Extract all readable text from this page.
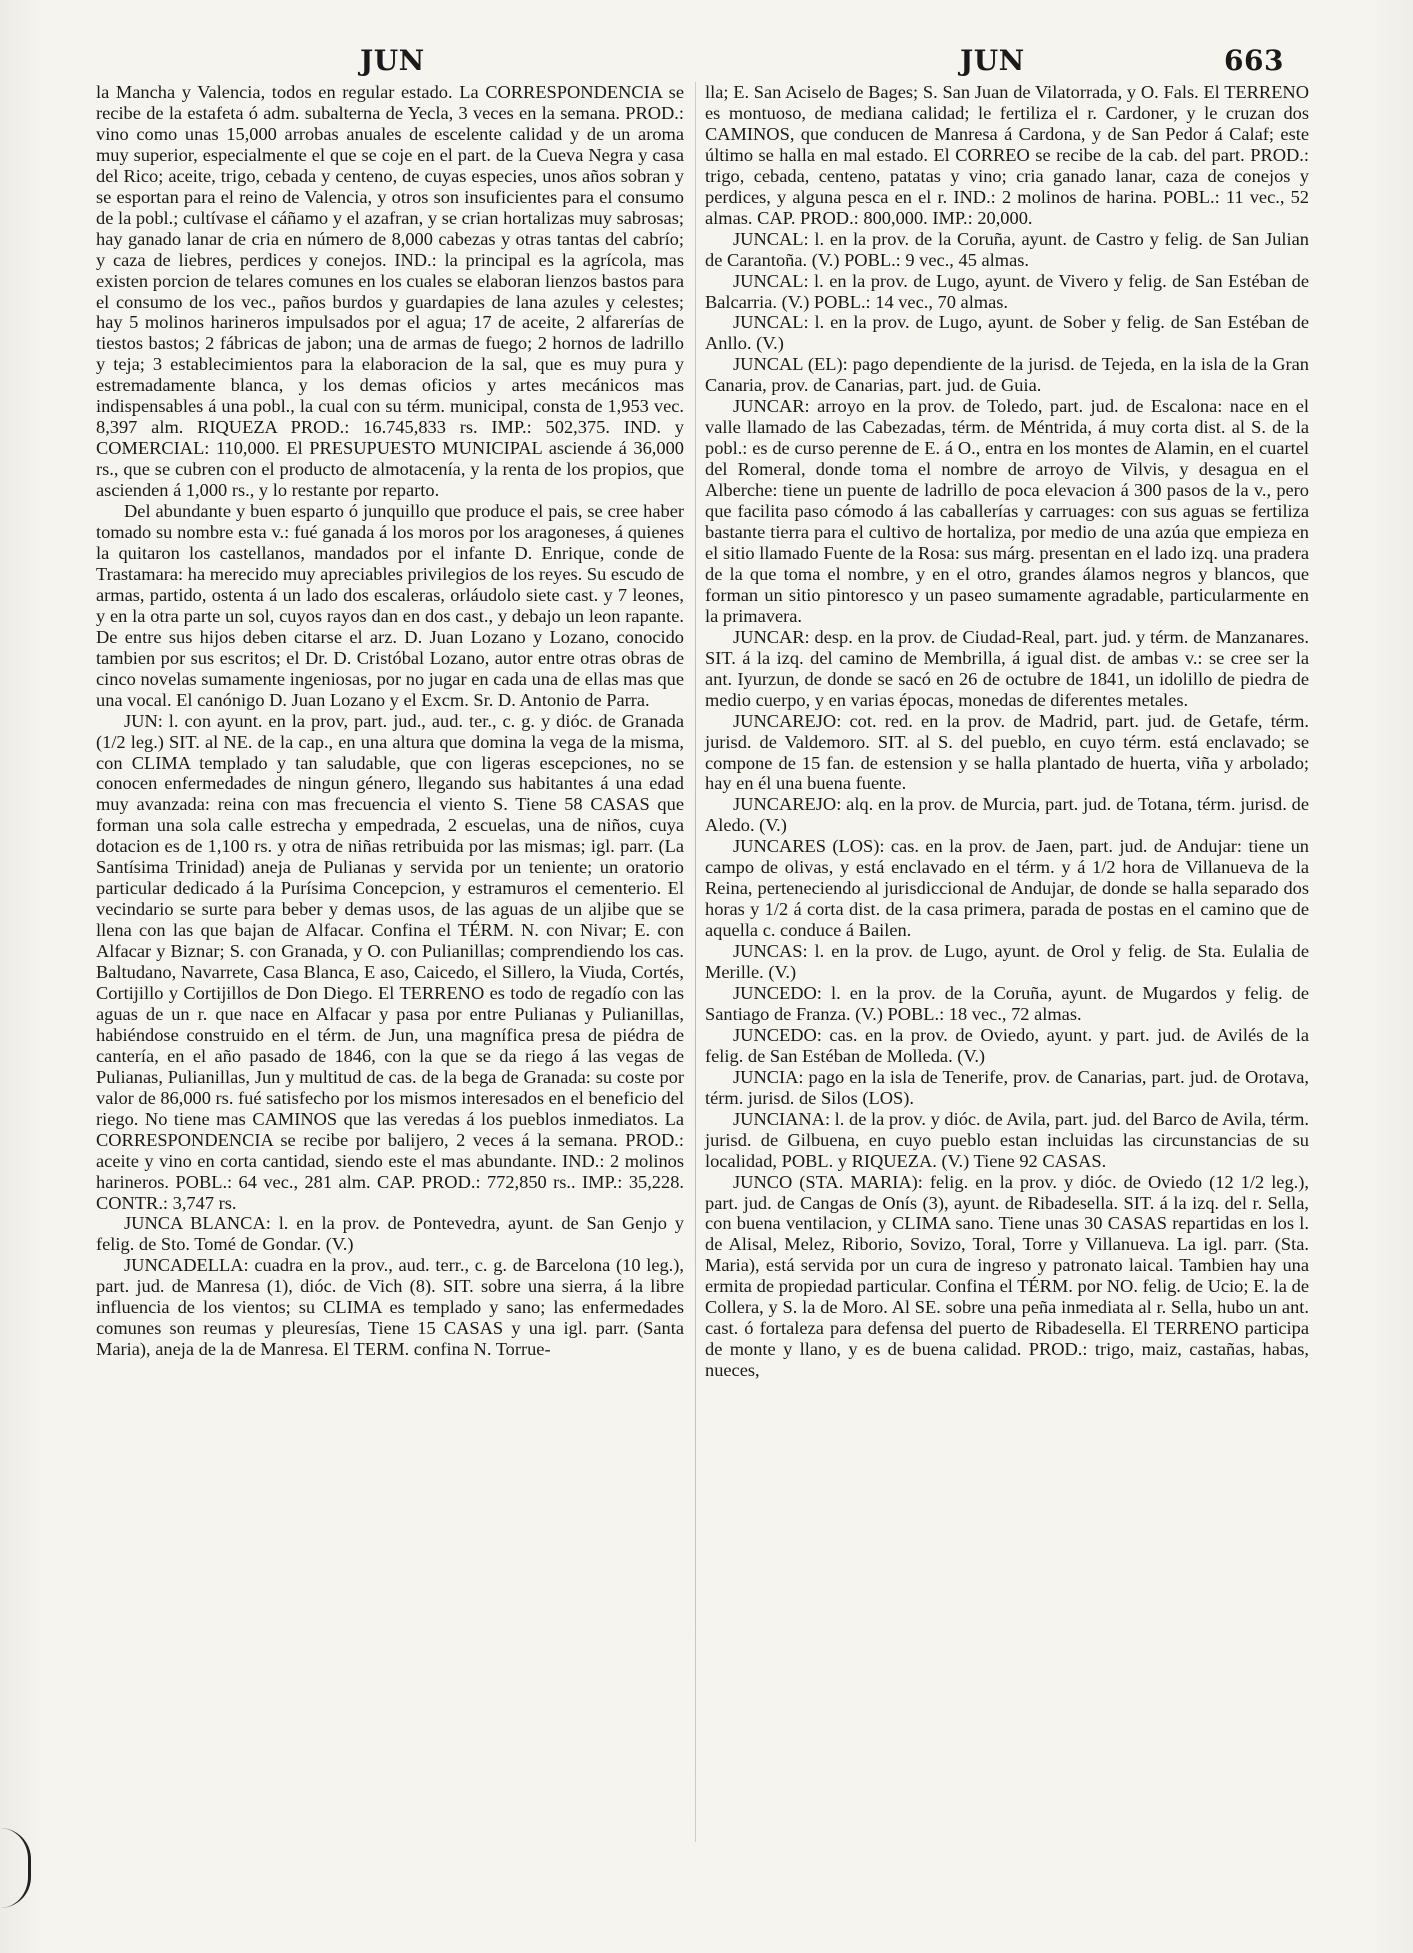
JUN	JUN	663

la Mancha y Valencia, todos en regular estado. La CORRESPONDENCIA se recibe de la estafeta ó adm. subalterna de Yecla, 3 veces en la semana. PROD.: vino como unas 15,000 arrobas anuales de escelente calidad y de un aroma muy superior, especialmente el que se coje en el part. de la Cueva Negra y casa del Rico; aceite, trigo, cebada y centeno, de cuyas especies, unos años sobran y se esportan para el reino de Valencia, y otros son insuficientes para el consumo de la pobl.; cultívase el cáñamo y el azafran, y se crian hortalizas muy sabrosas; hay ganado lanar de cria en número de 8,000 cabezas y otras tantas del cabrío; y caza de liebres, perdices y conejos. IND.: la principal es la agrícola, mas existen porcion de telares comunes en los cuales se elaboran lienzos bastos para el consumo de los vec., paños burdos y guardapies de lana azules y celestes; hay 5 molinos harineros impulsados por el agua; 17 de aceite, 2 alfarerías de tiestos bastos; 2 fábricas de jabon; una de armas de fuego; 2 hornos de ladrillo y teja; 3 establecimientos para la elaboracion de la sal, que es muy pura y estremadamente blanca, y los demas oficios y artes mecánicos mas indispensables á una pobl., la cual con su térm. municipal, consta de 1,953 vec. 8,397 alm. RIQUEZA PROD.: 16.745,833 rs. IMP.: 502,375. IND. y COMERCIAL: 110,000. El PRESUPUESTO MUNICIPAL asciende á 36,000 rs., que se cubren con el producto de almotacenía, y la renta de los propios, que ascienden á 1,000 rs., y lo restante por reparto.

Del abundante y buen esparto ó junquillo que produce el pais, se cree haber tomado su nombre esta v.: fué ganada á los moros por los aragoneses, á quienes la quitaron los castellanos, mandados por el infante D. Enrique, conde de Trastamara: ha merecido muy apreciables privilegios de los reyes. Su escudo de armas, partido, ostenta á un lado dos escaleras, orláudolo siete cast. y 7 leones, y en la otra parte un sol, cuyos rayos dan en dos cast., y debajo un leon rapante. De entre sus hijos deben citarse el arz. D. Juan Lozano y Lozano, conocido tambien por sus escritos; el Dr. D. Cristóbal Lozano, autor entre otras obras de cinco novelas sumamente ingeniosas, por no jugar en cada una de ellas mas que una vocal. El canónigo D. Juan Lozano y el Excm. Sr. D. Antonio de Parra.

JUN: l. con ayunt. en la prov, part. jud., aud. ter., c. g. y dióc. de Granada (1/2 leg.) SIT. al NE. de la cap., en una altura que domina la vega de la misma, con CLIMA templado y tan saludable, que con ligeras escepciones, no se conocen enfermedades de ningun género, llegando sus habitantes á una edad muy avanzada: reina con mas frecuencia el viento S. Tiene 58 CASAS que forman una sola calle estrecha y empedrada, 2 escuelas, una de niños, cuya dotacion es de 1,100 rs. y otra de niñas retribuida por las mismas; igl. parr. (La Santísima Trinidad) aneja de Pulianas y servida por un teniente; un oratorio particular dedicado á la Purísima Concepcion, y estramuros el cementerio. El vecindario se surte para beber y demas usos, de las aguas de un aljibe que se llena con las que bajan de Alfacar. Confina el TÉRM. N. con Nivar; E. con Alfacar y Biznar; S. con Granada, y O. con Pulianillas; comprendiendo los cas. Baltudano, Navarrete, Casa Blanca, E aso, Caicedo, el Sillero, la Viuda, Cortés, Cortijillo y Cortijillos de Don Diego. El TERRENO es todo de regadío con las aguas de un r. que nace en Alfacar y pasa por entre Pulianas y Pulianillas, habiéndose construido en el térm. de Jun, una magnífica presa de piédra de cantería, en el año pasado de 1846, con la que se da riego á las vegas de Pulianas, Pulianillas, Jun y multitud de cas. de la bega de Granada: su coste por valor de 86,000 rs. fué satisfecho por los mismos interesados en el beneficio del riego. No tiene mas CAMINOS que las veredas á los pueblos inmediatos. La CORRESPONDENCIA se recibe por balijero, 2 veces á la semana. PROD.: aceite y vino en corta cantidad, siendo este el mas abundante. IND.: 2 molinos harineros. POBL.: 64 vec., 281 alm. CAP. PROD.: 772,850 rs.. IMP.: 35,228. CONTR.: 3,747 rs.

JUNCA BLANCA: l. en la prov. de Pontevedra, ayunt. de San Genjo y felig. de Sto. Tomé de Gondar. (V.)

JUNCADELLA: cuadra en la prov., aud. terr., c. g. de Barcelona (10 leg.), part. jud. de Manresa (1), dióc. de Vich (8). SIT. sobre una sierra, á la libre influencia de los vientos; su CLIMA es templado y sano; las enfermedades comunes son reumas y pleuresías, Tiene 15 CASAS y una igl. parr. (Santa Maria), aneja de la de Manresa. El TERM. confina N. Torrue-

lla; E. San Aciselo de Bages; S. San Juan de Vilatorrada, y O. Fals. El TERRENO es montuoso, de mediana calidad; le fertiliza el r. Cardoner, y le cruzan dos CAMINOS, que conducen de Manresa á Cardona, y de San Pedor á Calaf; este último se halla en mal estado. El CORREO se recibe de la cab. del part. PROD.: trigo, cebada, centeno, patatas y vino; cria ganado lanar, caza de conejos y perdices, y alguna pesca en el r. IND.: 2 molinos de harina. POBL.: 11 vec., 52 almas. CAP. PROD.: 800,000. IMP.: 20,000.

JUNCAL: l. en la prov. de la Coruña, ayunt. de Castro y felig. de San Julian de Carantoña. (V.) POBL.: 9 vec., 45 almas.

JUNCAL: l. en la prov. de Lugo, ayunt. de Vivero y felig. de San Estéban de Balcarria. (V.) POBL.: 14 vec., 70 almas.

JUNCAL: l. en la prov. de Lugo, ayunt. de Sober y felig. de San Estéban de Anllo. (V.)

JUNCAL (EL): pago dependiente de la jurisd. de Tejeda, en la isla de la Gran Canaria, prov. de Canarias, part. jud. de Guia.

JUNCAR: arroyo en la prov. de Toledo, part. jud. de Escalona: nace en el valle llamado de las Cabezadas, térm. de Méntrida, á muy corta dist. al S. de la pobl.: es de curso perenne de E. á O., entra en los montes de Alamin, en el cuartel del Romeral, donde toma el nombre de arroyo de Vilvis, y desagua en el Alberche: tiene un puente de ladrillo de poca elevacion á 300 pasos de la v., pero que facilita paso cómodo á las caballerías y carruages: con sus aguas se fertiliza bastante tierra para el cultivo de hortaliza, por medio de una azúa que empieza en el sitio llamado Fuente de la Rosa: sus márg. presentan en el lado izq. una pradera de la que toma el nombre, y en el otro, grandes álamos negros y blancos, que forman un sitio pintoresco y un paseo sumamente agradable, particularmente en la primavera.

JUNCAR: desp. en la prov. de Ciudad-Real, part. jud. y térm. de Manzanares. SIT. á la izq. del camino de Membrilla, á igual dist. de ambas v.: se cree ser la ant. Iyurzun, de donde se sacó en 26 de octubre de 1841, un idolillo de piedra de medio cuerpo, y en varias épocas, monedas de diferentes metales.

JUNCAREJO: cot. red. en la prov. de Madrid, part. jud. de Getafe, térm. jurisd. de Valdemoro. SIT. al S. del pueblo, en cuyo térm. está enclavado; se compone de 15 fan. de estension y se halla plantado de huerta, viña y arbolado; hay en él una buena fuente.

JUNCAREJO: alq. en la prov. de Murcia, part. jud. de Totana, térm. jurisd. de Aledo. (V.)

JUNCARES (LOS): cas. en la prov. de Jaen, part. jud. de Andujar: tiene un campo de olivas, y está enclavado en el térm. y á 1/2 hora de Villanueva de la Reina, perteneciendo al jurisdiccional de Andujar, de donde se halla separado dos horas y 1/2 á corta dist. de la casa primera, parada de postas en el camino que de aquella c. conduce á Bailen.

JUNCAS: l. en la prov. de Lugo, ayunt. de Orol y felig. de Sta. Eulalia de Merille. (V.)

JUNCEDO: l. en la prov. de la Coruña, ayunt. de Mugardos y felig. de Santiago de Franza. (V.) POBL.: 18 vec., 72 almas.

JUNCEDO: cas. en la prov. de Oviedo, ayunt. y part. jud. de Avilés de la felig. de San Estéban de Molleda. (V.)

JUNCIA: pago en la isla de Tenerife, prov. de Canarias, part. jud. de Orotava, térm. jurisd. de Silos (LOS).

JUNCIANA: l. de la prov. y dióc. de Avila, part. jud. del Barco de Avila, térm. jurisd. de Gilbuena, en cuyo pueblo estan incluidas las circunstancias de su localidad, POBL. y RIQUEZA. (V.) Tiene 92 CASAS.

JUNCO (STA. MARIA): felig. en la prov. y dióc. de Oviedo (12 1/2 leg.), part. jud. de Cangas de Onís (3), ayunt. de Ribadesella. SIT. á la izq. del r. Sella, con buena ventilacion, y CLIMA sano. Tiene unas 30 CASAS repartidas en los l. de Alisal, Melez, Riborio, Sovizo, Toral, Torre y Villanueva. La igl. parr. (Sta. Maria), está servida por un cura de ingreso y patronato laical. Tambien hay una ermita de propiedad particular. Confina el TÉRM. por NO. felig. de Ucio; E. la de Collera, y S. la de Moro. Al SE. sobre una peña inmediata al r. Sella, hubo un ant. cast. ó fortaleza para defensa del puerto de Ribadesella. El TERRENO participa de monte y llano, y es de buena calidad. PROD.: trigo, maiz, castañas, habas, nueces,
